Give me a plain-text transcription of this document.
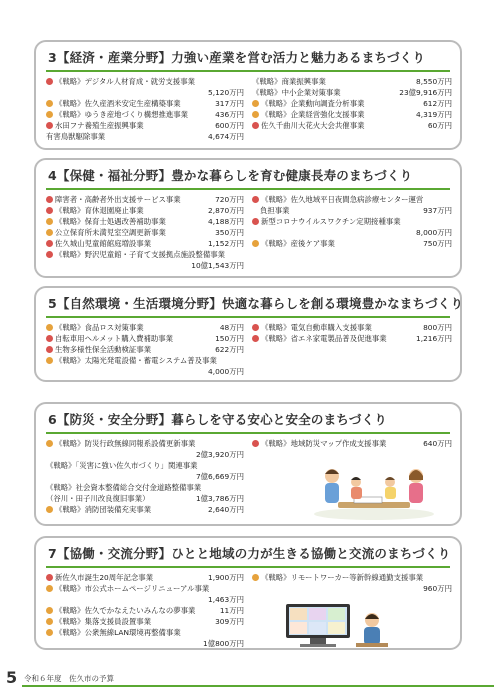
3【経済・産業分野】力強い産業を営む活力と魅力あるまちづくり
《戦略》デジタル人材育成・就労支援事業
5,120万円
《戦略》佐久産酒米安定生産構築事業	317万円
《戦略》ゆうき産地づくり構想推進事業	436万円
水田フナ養殖生産振興事業	600万円
有害鳥獣駆除事業	4,674万円
《戦略》商業振興事業	8,550万円
《戦略》中小企業対策事業	23億9,916万円
《戦略》企業動向調査分析事業	612万円
《戦略》企業経営強化支援事業	4,319万円
佐久千曲川大花火大会共催事業	60万円
4【保健・福祉分野】豊かな暮らしを育む健康長寿のまちづくり
障害者・高齢者外出支援サービス事業	720万円
《戦略》育休退園廃止事業	2,870万円
《戦略》保育士処遇改善補助事業	4,188万円
公立保育所未満児室空調更新事業	350万円
佐久城山児童館館庭増設事業	1,152万円
《戦略》野沢児童館・子育て支援拠点施設整備事業
10億1,543万円
《戦略》佐久地域平日夜間急病診療センター運営
負担事業	937万円
新型コロナウイルスワクチン定期接種事業
8,000万円
《戦略》産後ケア事業	750万円
5【自然環境・生活環境分野】快適な暮らしを創る環境豊かなまちづくり
《戦略》食品ロス対策事業	48万円
自転車用ヘルメット購入費補助事業	150万円
生物多様性保全活動検証事業	622万円
《戦略》太陽光発電設備・蓄電システム普及事業
4,000万円
《戦略》電気自動車購入支援事業	800万円
《戦略》省エネ家電製品普及促進事業	1,216万円
6【防災・安全分野】暮らしを守る安心と安全のまちづくり
《戦略》防災行政無線同報系設備更新事業
2億3,920万円
《戦略》「災害に強い佐久市づくり」関連事業
7億6,669万円
《戦略》社会資本整備総合交付金道路整備事業
（谷川・田子川改良復旧事業）	1億3,786万円
《戦略》消防団装備充実事業	2,640万円
《戦略》地域防災マップ作成支援事業	640万円
7【協働・交流分野】ひとと地域の力が生きる協働と交流のまちづくり
新佐久市誕生20周年記念事業	1,900万円
《戦略》市公式ホームページリニューアル事業
1,463万円
《戦略》佐久でかなえたいみんなの夢事業	11万円
《戦略》集落支援員設置事業	309万円
《戦略》公衆無線LAN環境再整備事業
1億800万円
《戦略》リモートワーカー等新幹線通勤支援事業
960万円
5 令和６年度　佐久市の予算
